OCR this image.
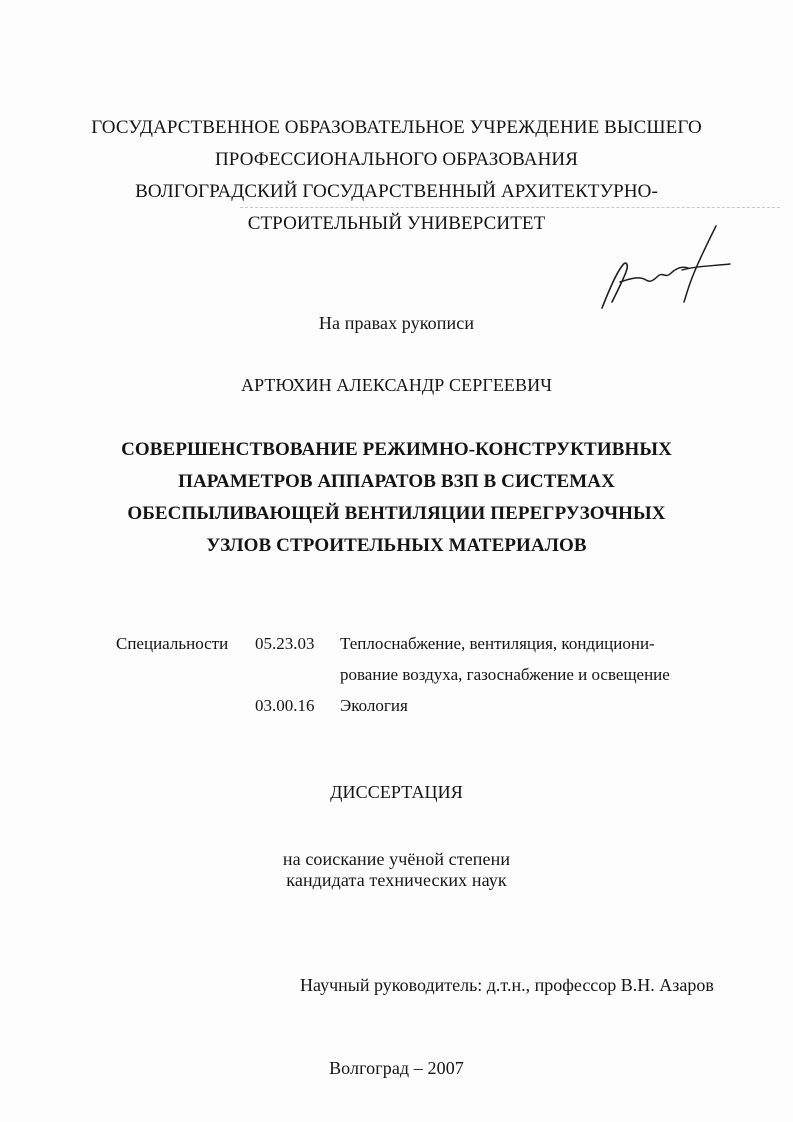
ГОСУДАРСТВЕННОЕ ОБРАЗОВАТЕЛЬНОЕ УЧРЕЖДЕНИЕ ВЫСШЕГО
ПРОФЕССИОНАЛЬНОГО ОБРАЗОВАНИЯ
ВОЛГОГРАДСКИЙ ГОСУДАРСТВЕННЫЙ АРХИТЕКТУРНО-
СТРОИТЕЛЬНЫЙ УНИВЕРСИТЕТ
На правах рукописи
АРТЮХИН АЛЕКСАНДР СЕРГЕЕВИЧ
СОВЕРШЕНСТВОВАНИЕ РЕЖИМНО-КОНСТРУКТИВНЫХ
ПАРАМЕТРОВ АППАРАТОВ ВЗП В СИСТЕМАХ
ОБЕСПЫЛИВАЮЩЕЙ ВЕНТИЛЯЦИИ ПЕРЕГРУЗОЧНЫХ
УЗЛОВ СТРОИТЕЛЬНЫХ МАТЕРИАЛОВ
Специальности 05.23.03 Теплоснабжение, вентиляция, кондициони-
рование воздуха, газоснабжение и освещение
03.00.16 Экология
ДИССЕРТАЦИЯ
на соискание учёной степени
кандидата технических наук
Научный руководитель: д.т.н., профессор В.Н. Азаров
Волгоград – 2007
